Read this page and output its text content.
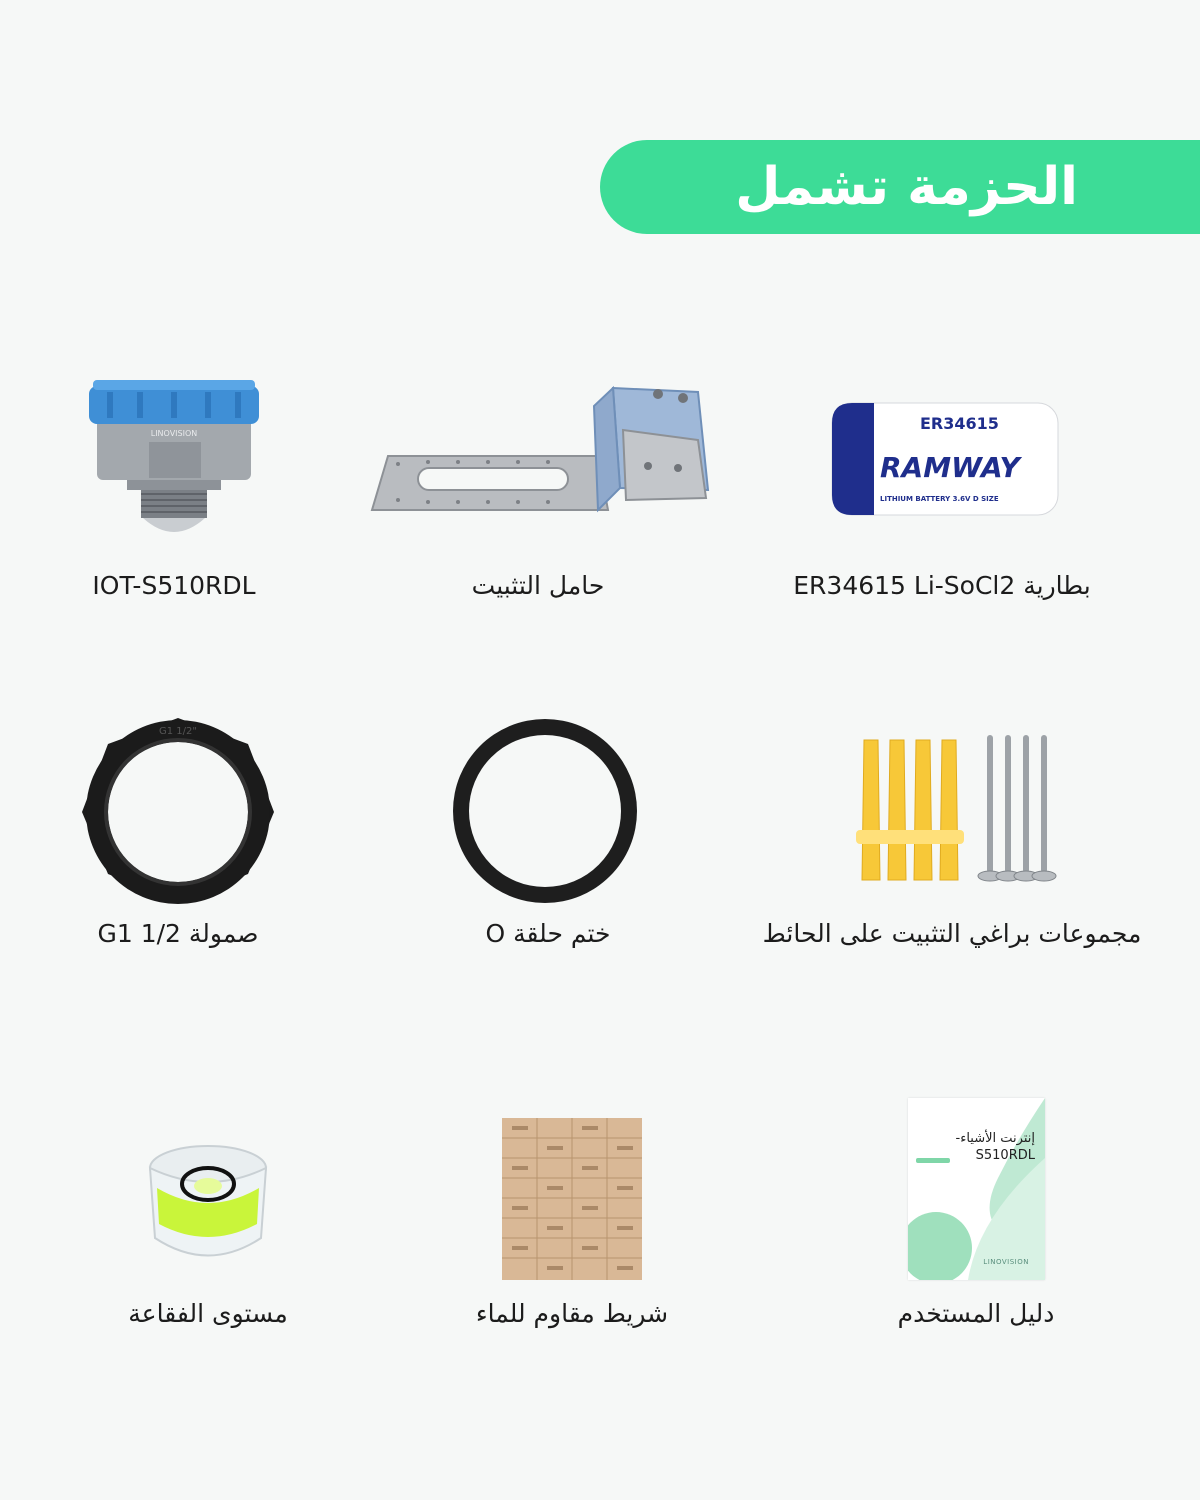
الحزمة تشمل
LINOVISION
IOT-S510RDL	حامل التثبيت
ER34615
RAMWAY
LITHIUM BATTERY 3.6V D SIZE
بطارية ER34615 Li-SoCl2
G1 1/2"
صمولة G1 1/2	ختم حلقة O	مجموعات براغي التثبيت على الحائط
مستوى الفقاعة	شريط مقاوم للماء
إنترنت الأشياء-S510RDL
LINOVISION
دليل المستخدم
